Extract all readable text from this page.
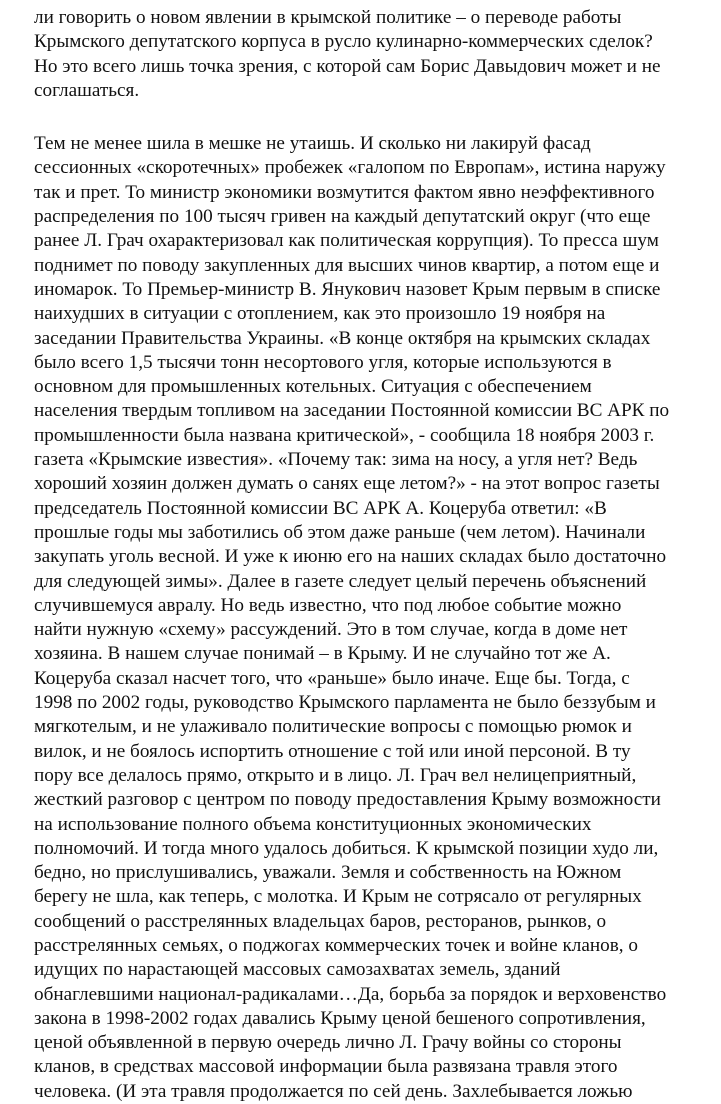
ли говорить о новом явлении в крымской политике – о переводе работы
Крымского депутатского корпуса в русло кулинарно-коммерческих сделок?
Но это всего лишь точка зрения, с которой сам Борис Давыдович может и не
соглашаться.
Тем не менее шила в мешке не утаишь. И сколько ни лакируй фасад
сессионных «скоротечных» пробежек «галопом по Европам», истина наружу
так и прет. То министр экономики возмутится фактом явно неэффективного
распределения по 100 тысяч гривен на каждый депутатский округ (что еще
ранее Л. Грач охарактеризовал как политическая коррупция). То пресса шум
поднимет по поводу закупленных для высших чинов квартир, а потом еще и
иномарок. То Премьер-министр В. Янукович назовет Крым первым в списке
наихудших в ситуации с отоплением, как это произошло 19 ноября на
заседании Правительства Украины. «В конце октября на крымских складах
было всего 1,5 тысячи тонн несортового угля, которые используются в
основном для промышленных котельных. Ситуация с обеспечением
населения твердым топливом на заседании Постоянной комиссии ВС АРК по
промышленности была названа критической», - сообщила 18 ноября 2003 г.
газета «Крымские известия». «Почему так: зима на носу, а угля нет? Ведь
хороший хозяин должен думать о санях еще летом?» - на этот вопрос газеты
председатель Постоянной комиссии ВС АРК А. Коцеруба ответил: «В
прошлые годы мы заботились об этом даже раньше (чем летом). Начинали
закупать уголь весной. И уже к июню его на наших складах было достаточно
для следующей зимы». Далее в газете следует целый перечень объяснений
случившемуся авралу. Но ведь известно, что под любое событие можно
найти нужную «схему» рассуждений. Это в том случае, когда в доме нет
хозяина. В нашем случае понимай – в Крыму. И не случайно тот же А.
Коцеруба сказал насчет того, что «раньше» было иначе. Еще бы. Тогда, с
1998 по 2002 годы, руководство Крымского парламента не было беззубым и
мягкотелым, и не улаживало политические вопросы с помощью рюмок и
вилок, и не боялось испортить отношение с той или иной персоной. В ту
пору все делалось прямо, открыто и в лицо. Л. Грач вел нелицеприятный,
жесткий разговор с центром по поводу предоставления Крыму возможности
на использование полного объема конституционных экономических
полномочий. И тогда много удалось добиться. К крымской позиции худо ли,
бедно, но прислушивались, уважали. Земля и собственность на Южном
берегу не шла, как теперь, с молотка. И Крым не сотрясало от регулярных
сообщений о расстрелянных владельцах баров, ресторанов, рынков, о
расстрелянных семьях, о поджогах коммерческих точек и войне кланов, о
идущих по нарастающей массовых самозахватах земель, зданий
обнаглевшими национал-радикалами…Да, борьба за порядок и верховенство
закона в 1998-2002 годах давались Крыму ценой бешеного сопротивления,
ценой объявленной в первую очередь лично Л. Грачу войны со стороны
кланов, в средствах массовой информации была развязана травля этого
человека. (И эта травля продолжается по сей день. Захлебывается ложью
